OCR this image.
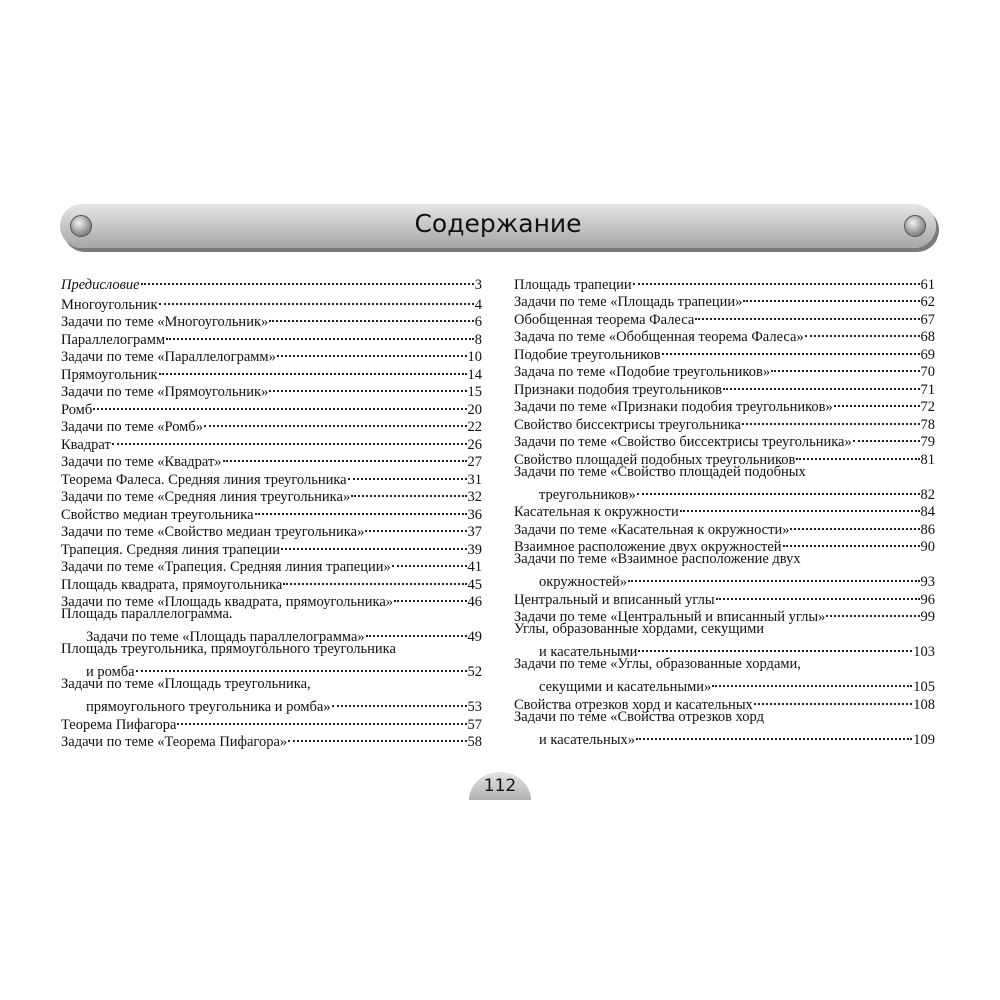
Содержание
Предисловие	3
Многоугольник	4
Задачи по теме «Многоугольник»	6
Параллелограмм	8
Задачи по теме «Параллелограмм»	10
Прямоугольник	14
Задачи по теме «Прямоугольник»	15
Ромб	20
Задачи по теме «Ромб»	22
Квадрат	26
Задачи по теме «Квадрат»	27
Теорема Фалеса. Средняя линия треугольника	31
Задачи по теме «Средняя линия треугольника»	32
Свойство медиан треугольника	36
Задачи по теме «Свойство медиан треугольника»	37
Трапеция. Средняя линия трапеции	39
Задачи по теме «Трапеция. Средняя линия трапеции»	41
Площадь квадрата, прямоугольника	45
Задачи по теме «Площадь квадрата, прямоугольника»	46
Площадь параллелограмма.
Задачи по теме «Площадь параллелограмма»	49
Площадь треугольника, прямоугольного треугольника
и ромба	52
Задачи по теме «Площадь треугольника,
прямоугольного треугольника и ромба»	53
Теорема Пифагора	57
Задачи по теме «Теорема Пифагора»	58
Площадь трапеции	61
Задачи по теме «Площадь трапеции»	62
Обобщенная теорема Фалеса	67
Задача по теме «Обобщенная теорема Фалеса»	68
Подобие треугольников	69
Задача по теме «Подобие треугольников»	70
Признаки подобия треугольников	71
Задачи по теме «Признаки подобия треугольников»	72
Свойство биссектрисы треугольника	78
Задачи по теме «Свойство биссектрисы треугольника»	79
Свойство площадей подобных треугольников	81
Задачи по теме «Свойство площадей подобных
треугольников»	82
Касательная к окружности	84
Задачи по теме «Касательная к окружности»	86
Взаимное расположение двух окружностей	90
Задачи по теме «Взаимное расположение двух
окружностей»	93
Центральный и вписанный углы	96
Задачи по теме «Центральный и вписанный углы»	99
Углы, образованные хордами, секущими
и касательными	103
Задачи по теме «Углы, образованные хордами,
секущими и касательными»	105
Свойства отрезков хорд и касательных	108
Задачи по теме «Свойства отрезков хорд
и касательных»	109
112
